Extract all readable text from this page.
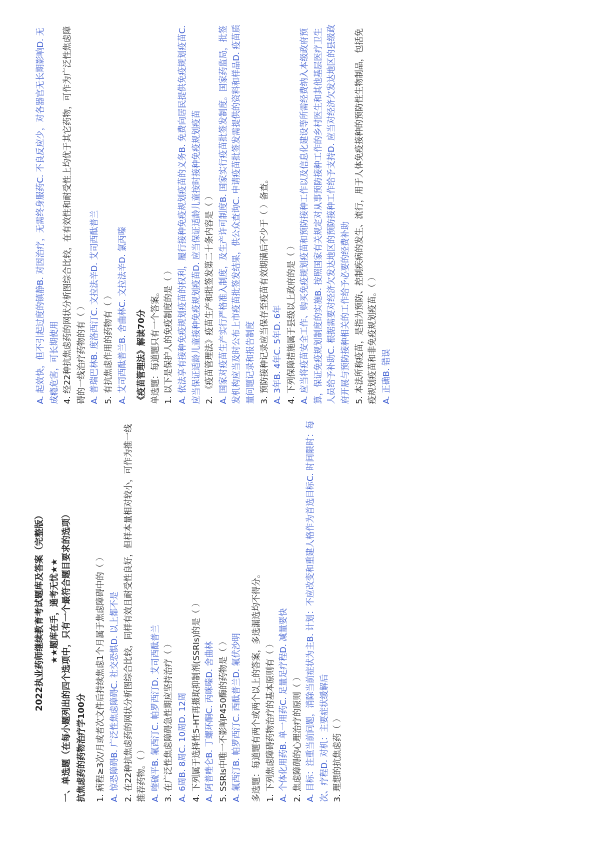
2022执业药师继续教育考试题库及答案（完整版） ★★题库在手，通考无忧★★ 一、单选题（在每小题列出的四个选项中，只有一个最符合题目要求的选项） 抗焦虑药的药物治疗学100分	1. 病程≥3次/月或者次文件后持续焦虑1个月属于焦虑障碍中的（ ） A. 惊恐障碍B. 广泛性焦虑障碍C. 社交恐惧D. 以上都不是 2. 在22种抗焦虑药的网状分析图综合比较，同样有效且耐受性良好，但样本量相对较小，可作为推一线推荐药物。（ ） A. 喹硫平B. 氟西汀C. 帕罗西汀D. 艾司西酞普兰 3. 在广泛性焦虑障碍急性期应坚持治疗（ ） A. 6周B. 8周C. 10周D. 12周 4. 下列属于选择性5-HT再摄取抑制剂(SSRIs)的是（ ） A. 阿普唑仑B. 丁螺环酮C. 丙咪嗪D. 舍曲林 5. SSRIs中唯一不影响P450酶的药物是（ ） A. 氟西汀B. 帕罗西汀C. 西酞普兰D. 氟伏沙明	多选题：每道题有两个或两个以上的答案，多选漏选均不得分。 1. 下列焦虑障碍药物治疗的基本原则有（ ） A. 个体化用药B. 单一用药C. 足量足疗程D. 减量要快 2. 焦虑障碍的心理治疗的原则（ ） A. 目标：注重当前问题，消除当前症状为主B. 计划：不应改变和重建人格作为首选目标C. 时间限时：每次、疗程D. 对机：主要症状缓解后 3. 理想的抗焦虑药（ ）
A. 起效快，但不引起过度的镇静B. 对因治疗，无需终身服药C. 不良反应少，对各器官无长期影响D. 无成瘾危害，可长期使用 4. 经22种抗焦虑药的网状分析图综合比较，在有效性和耐受性上均优于其它药物，可作为广泛性焦虑障碍的一线治疗药物的有（ ） A. 普瑞巴林B. 度洛西汀C. 文拉法辛D. 艾司西酞普兰 5. 有抗焦虑作用的药物有（ ） A. 艾司西酞普兰B. 舍曲林C. 文拉法辛D. 氯丙嗪	《疫苗管理法》解读70分 单选题：每道题只有一个答案。 1. 以下是保护人的免疫制度的是（ ） A. 依法享有接种免疫规划疫苗的权利，履行接种免疫规划疫苗的义务B. 免费向居民提供免疫规划疫苗C. 应当保证适龄儿童接种免疫规划疫苗D. 应当保证适龄儿童按时接种免疫规划疫苗 2. 《疫苗管理法》疫苗生产和批签发第二十条内容是（ ） A. 国家对疫苗生产实行严格准入制度，及生产许可制度B. 国家实行疫苗批签发制度。国家药监局，批签发机构应当及时公布上市疫苗批签发结果，供公众查询C. 申请疫苗批签发需提供的资料和样品D. 疫苗质量问题记录和报告制度 3. 预防接种记录应当保存至疫苗有效期满后不少于（ ）备查。 A. 3年B. 4年C. 5年D. 6年 4. 下列保障措施属于县级以上政府的是（ ） A. 应当将疫苗安全工作、购买免疫规划疫苗和预防接种工作以及信息化建设等所需经费纳入本级政府预算，保证免疫规划制度的实施B. 按照国家有关规定对从事预防接种工作的乡村医生和其他基层医疗卫生人员给予补助C. 根据需要对经济欠发达地区的预防接种工作给予支持D. 应当对经济欠发达地区的县级政府开展与预防接种相关的工作给予必要的经费补助 5. 本法所称疫苗，是指为预防、控制疾病的发生、流行，用于人体免疫接种的预防性生物制品，包括免疫规划疫苗和非免疫规划疫苗。（ ） A. 正确B. 错误
